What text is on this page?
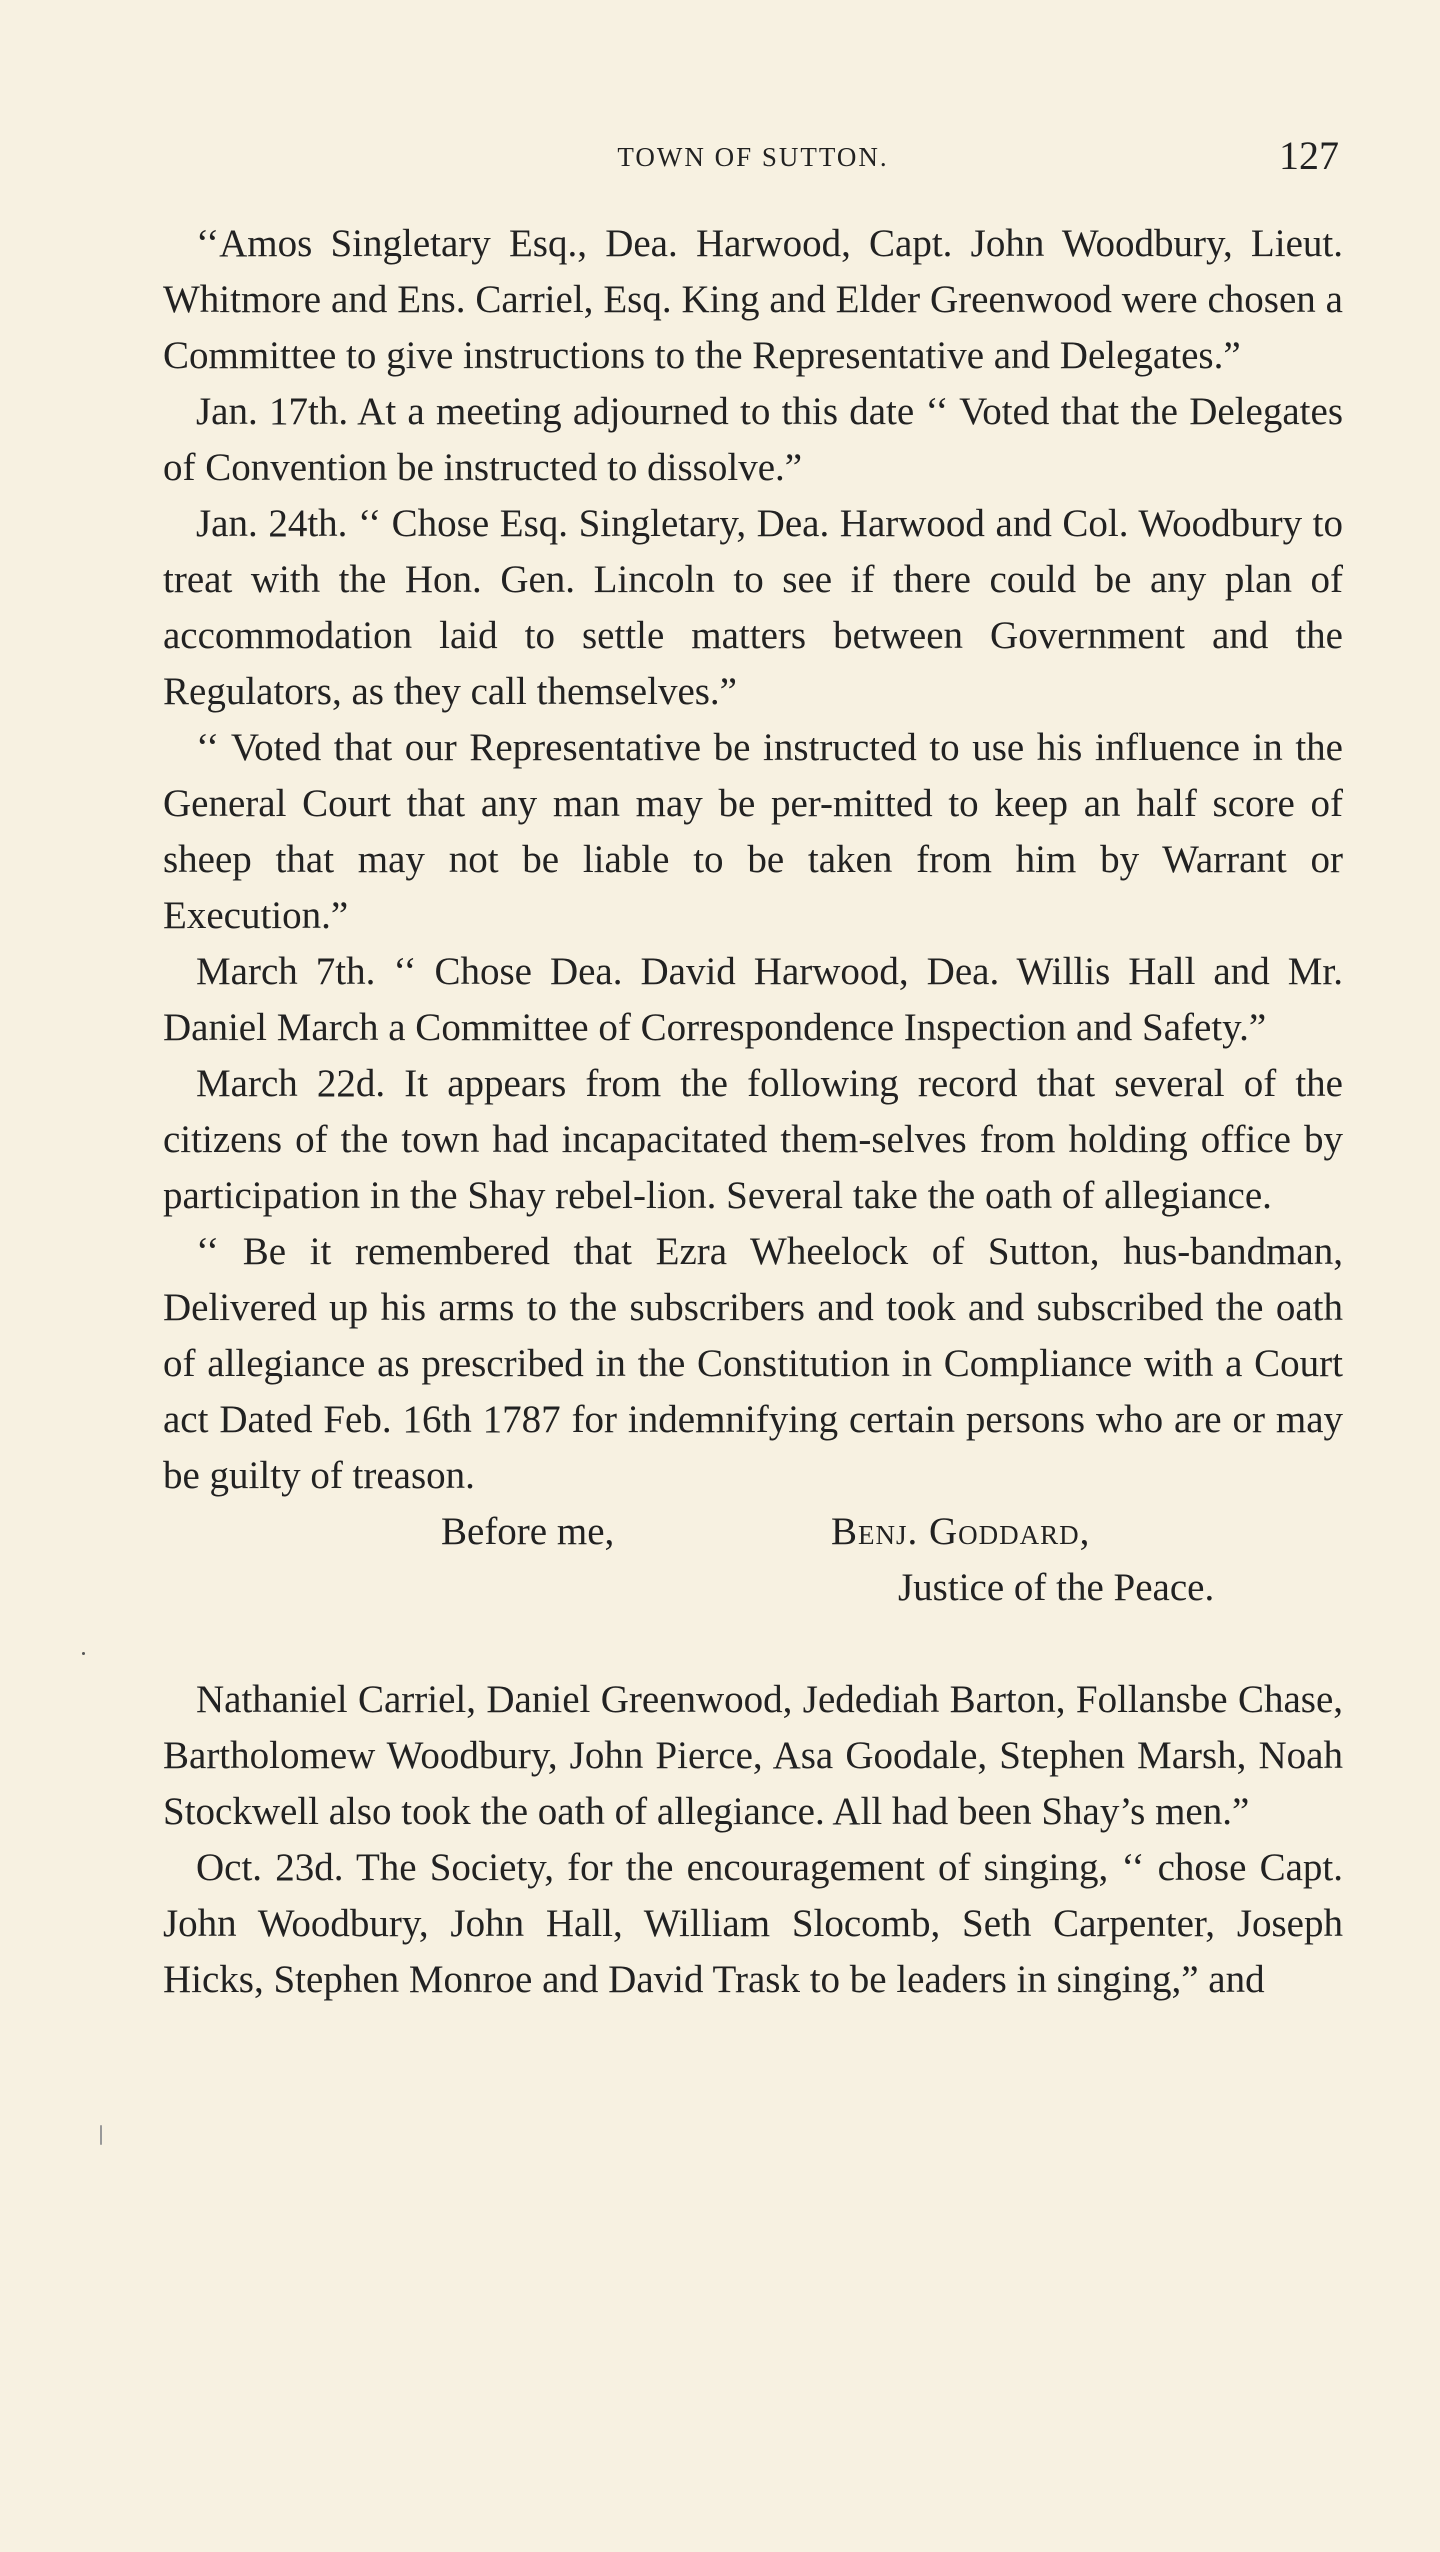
TOWN OF SUTTON.	127

‘‘Amos Singletary Esq., Dea. Harwood, Capt. John Woodbury, Lieut. Whitmore and Ens. Carriel, Esq. King and Elder Greenwood were chosen a Committee to give instructions to the Representative and Delegates.”

Jan. 17th. At a meeting adjourned to this date ‘‘ Voted that the Delegates of Convention be instructed to dissolve.”

Jan. 24th. ‘‘ Chose Esq. Singletary, Dea. Harwood and Col. Woodbury to treat with the Hon. Gen. Lincoln to see if there could be any plan of accommodation laid to settle matters between Government and the Regulators, as they call themselves.”

‘‘ Voted that our Representative be instructed to use his influence in the General Court that any man may be per-mitted to keep an half score of sheep that may not be liable to be taken from him by Warrant or Execution.”

March 7th. ‘‘ Chose Dea. David Harwood, Dea. Willis Hall and Mr. Daniel March a Committee of Correspondence Inspection and Safety.”

March 22d. It appears from the following record that several of the citizens of the town had incapacitated them-selves from holding office by participation in the Shay rebel-lion. Several take the oath of allegiance.

‘‘ Be it remembered that Ezra Wheelock of Sutton, hus-bandman, Delivered up his arms to the subscribers and took and subscribed the oath of allegiance as prescribed in the Constitution in Compliance with a Court act Dated Feb. 16th 1787 for indemnifying certain persons who are or may be guilty of treason.

Before me,	Benj. Goddard,
Justice of the Peace.

Nathaniel Carriel, Daniel Greenwood, Jedediah Barton, Follansbe Chase, Bartholomew Woodbury, John Pierce, Asa Goodale, Stephen Marsh, Noah Stockwell also took the oath of allegiance. All had been Shay’s men.”

Oct. 23d. The Society, for the encouragement of singing, ‘‘ chose Capt. John Woodbury, John Hall, William Slocomb, Seth Carpenter, Joseph Hicks, Stephen Monroe and David Trask to be leaders in singing,” and
